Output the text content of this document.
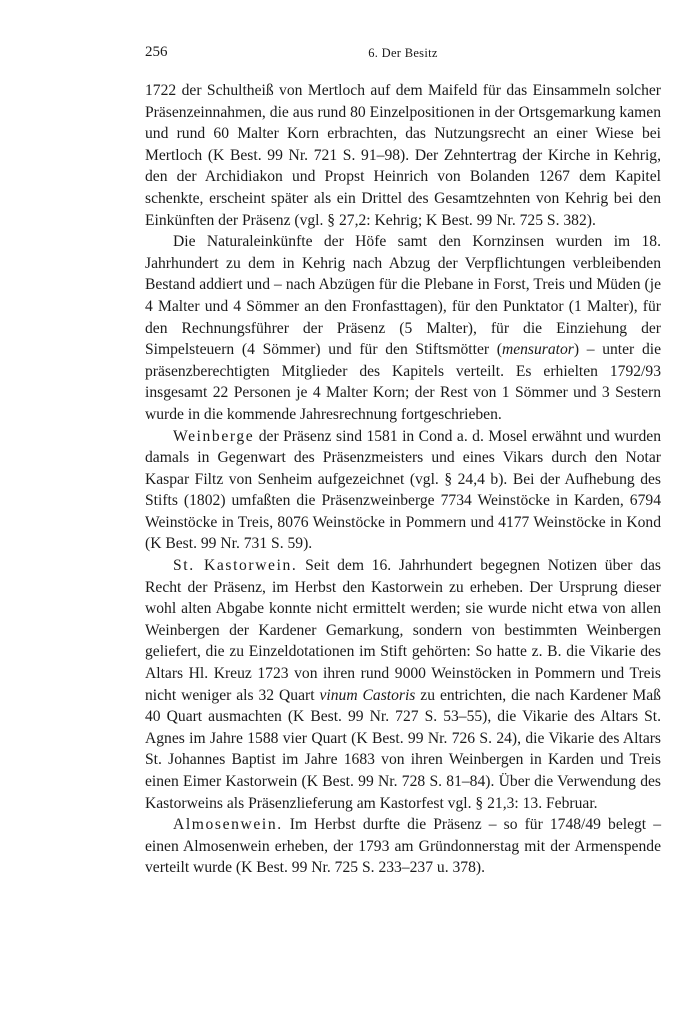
256	6. Der Besitz

1722 der Schultheiß von Mertloch auf dem Maifeld für das Einsammeln solcher Präsenzeinnahmen, die aus rund 80 Einzelpositionen in der Ortsgemarkung kamen und rund 60 Malter Korn erbrachten, das Nutzungsrecht an einer Wiese bei Mertloch (K Best. 99 Nr. 721 S. 91–98). Der Zehntertrag der Kirche in Kehrig, den der Archidiakon und Propst Heinrich von Bolanden 1267 dem Kapitel schenkte, erscheint später als ein Drittel des Gesamtzehnten von Kehrig bei den Einkünften der Präsenz (vgl. § 27,2: Kehrig; K Best. 99 Nr. 725 S. 382).

Die Naturaleinkünfte der Höfe samt den Kornzinsen wurden im 18. Jahrhundert zu dem in Kehrig nach Abzug der Verpflichtungen verbleibenden Bestand addiert und – nach Abzügen für die Plebane in Forst, Treis und Müden (je 4 Malter und 4 Sömmer an den Fronfasttagen), für den Punktator (1 Malter), für den Rechnungsführer der Präsenz (5 Malter), für die Einziehung der Simpelsteuern (4 Sömmer) und für den Stiftsmötter (mensurator) – unter die präsenzberechtigten Mitglieder des Kapitels verteilt. Es erhielten 1792/93 insgesamt 22 Personen je 4 Malter Korn; der Rest von 1 Sömmer und 3 Sestern wurde in die kommende Jahresrechnung fortgeschrieben.

Weinberge der Präsenz sind 1581 in Cond a. d. Mosel erwähnt und wurden damals in Gegenwart des Präsenzmeisters und eines Vikars durch den Notar Kaspar Filtz von Senheim aufgezeichnet (vgl. § 24,4 b). Bei der Aufhebung des Stifts (1802) umfaßten die Präsenzweinberge 7734 Weinstöcke in Karden, 6794 Weinstöcke in Treis, 8076 Weinstöcke in Pommern und 4177 Weinstöcke in Kond (K Best. 99 Nr. 731 S. 59).

St. Kastorwein. Seit dem 16. Jahrhundert begegnen Notizen über das Recht der Präsenz, im Herbst den Kastorwein zu erheben. Der Ursprung dieser wohl alten Abgabe konnte nicht ermittelt werden; sie wurde nicht etwa von allen Weinbergen der Kardener Gemarkung, sondern von bestimmten Weinbergen geliefert, die zu Einzeldotationen im Stift gehörten: So hatte z. B. die Vikarie des Altars Hl. Kreuz 1723 von ihren rund 9000 Weinstöcken in Pommern und Treis nicht weniger als 32 Quart vinum Castoris zu entrichten, die nach Kardener Maß 40 Quart ausmachten (K Best. 99 Nr. 727 S. 53–55), die Vikarie des Altars St. Agnes im Jahre 1588 vier Quart (K Best. 99 Nr. 726 S. 24), die Vikarie des Altars St. Johannes Baptist im Jahre 1683 von ihren Weinbergen in Karden und Treis einen Eimer Kastorwein (K Best. 99 Nr. 728 S. 81–84). Über die Verwendung des Kastorweins als Präsenzlieferung am Kastorfest vgl. § 21,3: 13. Februar.

Almosenwein. Im Herbst durfte die Präsenz – so für 1748/49 belegt – einen Almosenwein erheben, der 1793 am Gründonnerstag mit der Armenspende verteilt wurde (K Best. 99 Nr. 725 S. 233–237 u. 378).
